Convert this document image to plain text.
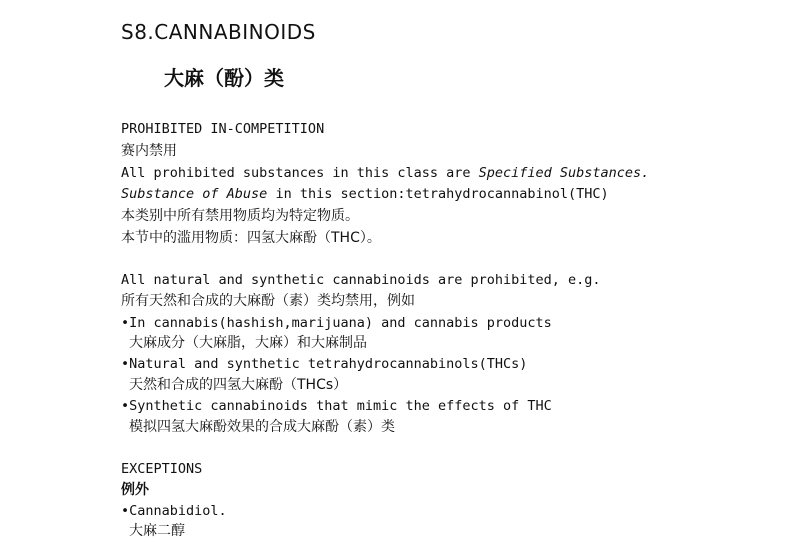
S8.CANNABINOIDS
大麻（酚）类
PROHIBITED IN-COMPETITION
赛内禁用
All prohibited substances in this class are Specified Substances.
Substance of Abuse in this section:tetrahydrocannabinol(THC)
本类别中所有禁用物质均为特定物质。
本节中的滥用物质：四氢大麻酚（THC）。
All natural and synthetic cannabinoids are prohibited, e.g.
所有天然和合成的大麻酚（素）类均禁用，例如
•In cannabis(hashish,marijuana) and cannabis products
大麻成分（大麻脂，大麻）和大麻制品
•Natural and synthetic tetrahydrocannabinols(THCs)
天然和合成的四氢大麻酚（THCs）
•Synthetic cannabinoids that mimic the effects of THC
模拟四氢大麻酚效果的合成大麻酚（素）类
EXCEPTIONS
例外
•Cannabidiol.
大麻二醇
